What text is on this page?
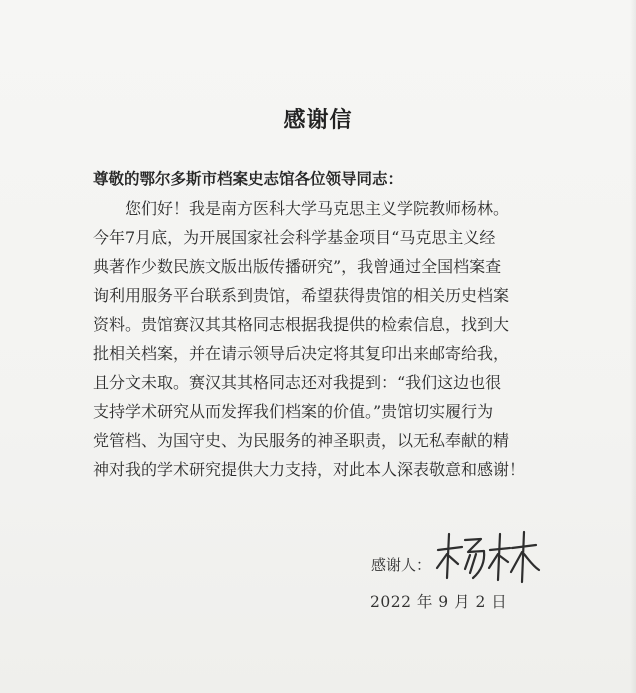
感谢信
尊敬的鄂尔多斯市档案史志馆各位领导同志：
　　您们好！我是南方医科大学马克思主义学院教师杨林。
今年7月底，为开展国家社会科学基金项目“马克思主义经
典著作少数民族文版出版传播研究”，我曾通过全国档案查
询利用服务平台联系到贵馆，希望获得贵馆的相关历史档案
资料。贵馆赛汉其其格同志根据我提供的检索信息，找到大
批相关档案，并在请示领导后决定将其复印出来邮寄给我，
且分文未取。赛汉其其格同志还对我提到：“我们这边也很
支持学术研究从而发挥我们档案的价值。”贵馆切实履行为
党管档、为国守史、为民服务的神圣职责，以无私奉献的精
神对我的学术研究提供大力支持，对此本人深表敬意和感谢！
感谢人：
2022 年 9 月 2 日
